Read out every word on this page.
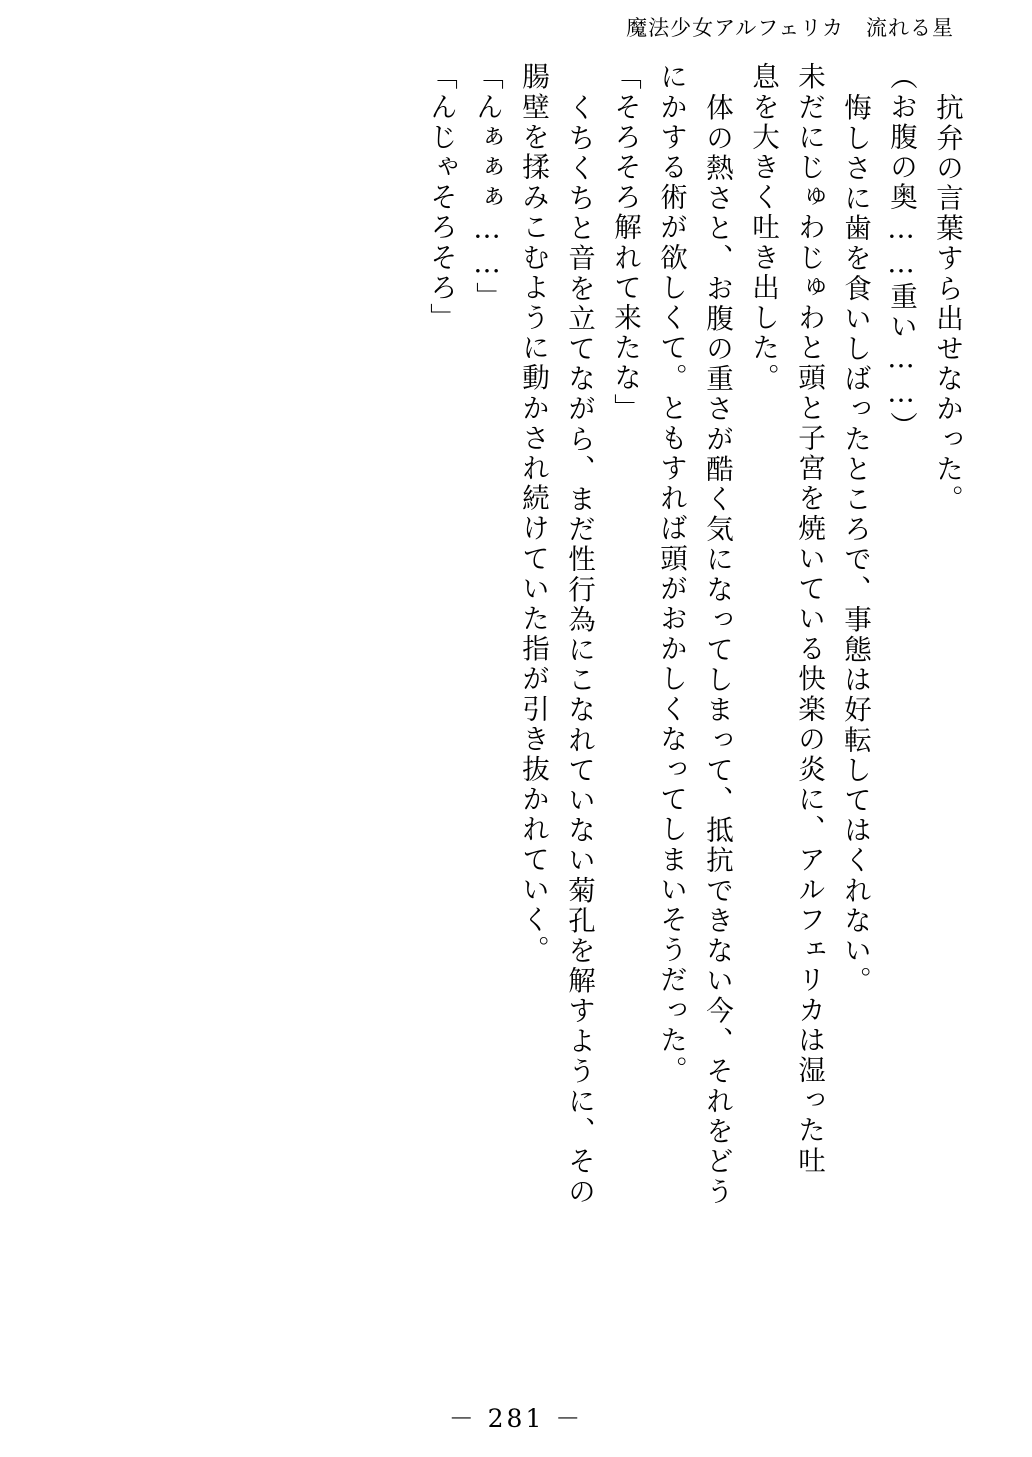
魔法少女アルフェリカ　流れる星
抗弁の言葉すら出せなかった。
（お腹の奥……重い……）
悔しさに歯を食いしばったところで、事態は好転してはくれない。
未だにじゅわじゅわと頭と子宮を焼いている快楽の炎に、アルフェリカは湿った吐
息を大きく吐き出した。
体の熱さと、お腹の重さが酷く気になってしまって、抵抗できない今、それをどう
にかする術が欲しくて。ともすれば頭がおかしくなってしまいそうだった。
「そろそろ解れて来たな」
くちくちと音を立てながら、まだ性行為にこなれていない菊孔を解すように、その
腸壁を揉みこむように動かされ続けていた指が引き抜かれていく。
「んぁぁぁ……」
「んじゃそろそろ」
－ 281 －
